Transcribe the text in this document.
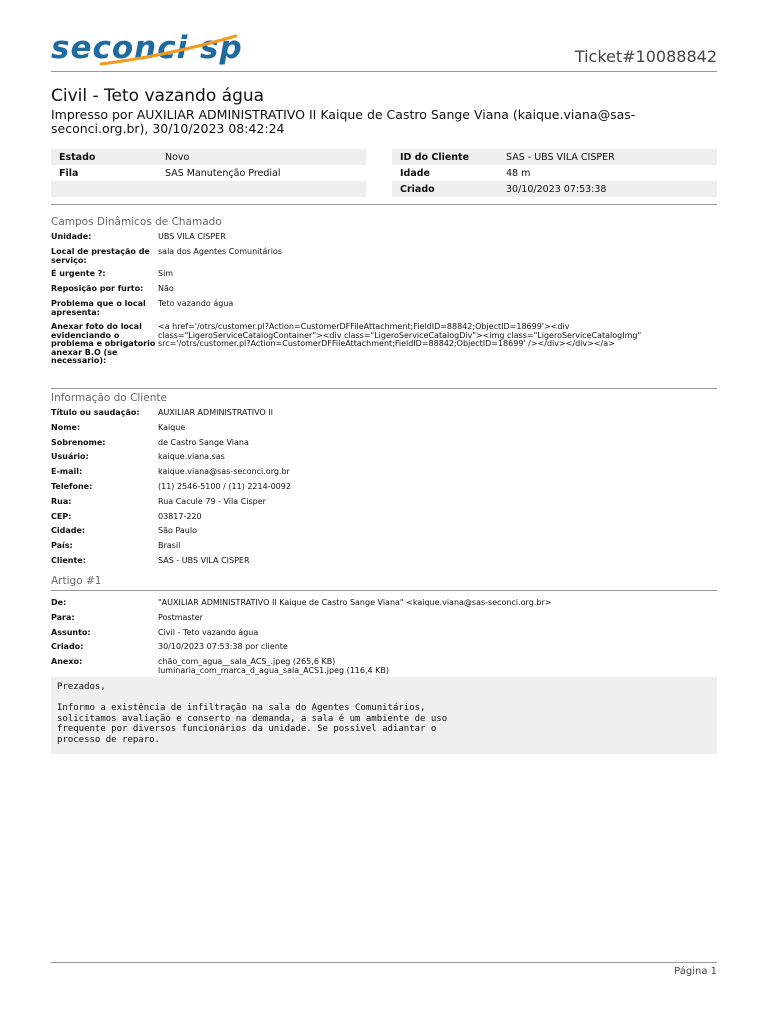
seconci sp	Ticket#10088842
Civil - Teto vazando água
Impresso por AUXILIAR ADMINISTRATIVO II Kaique de Castro Sange Viana (kaique.viana@sas-seconci.org.br), 30/10/2023 08:42:24
Estado	Novo
Fila	SAS Manutenção Predial
ID do Cliente	SAS - UBS VILA CISPER
Idade	48 m
Criado	30/10/2023 07:53:38
Campos Dinâmicos de Chamado
Unidade:	UBS VILA CISPER
Local de prestação de serviço:
sala dos Agentes Comunitários
É urgente ?:	Sim
Reposição por furto:	Não
Problema que o local apresenta:
Teto vazando água
Anexar foto do local evidenciando o problema e obrigatorio anexar B.O (se necessario):
<a href='/otrs/customer.pl?Action=CustomerDFFileAttachment;FieldID=88842;ObjectID=18699'><div class="LigeroServiceCatalogContainer"><div class="LigeroServiceCatalogDiv"><img class="LigeroServiceCatalogImg" src='/otrs/customer.pl?Action=CustomerDFFileAttachment;FieldID=88842;ObjectID=18699' /></div></div></a>
Informação do Cliente
Título ou saudação:	AUXILIAR ADMINISTRATIVO II
Nome:	Kaique
Sobrenome:	de Castro Sange Viana
Usuário:	kaique.viana.sas
E-mail:	kaique.viana@sas-seconci.org.br
Telefone:	(11) 2546-5100 / (11) 2214-0092
Rua:	Rua Cacule 79 - Vila Cisper
CEP:	03817-220
Cidade:	São Paulo
País:	Brasil
Cliente:	SAS - UBS VILA CISPER
Artigo #1
De:	"AUXILIAR ADMINISTRATIVO II Kaique de Castro Sange Viana" <kaique.viana@sas-seconci.org.br>
Para:	Postmaster
Assunto:	Civil - Teto vazando água
Criado:	30/10/2023 07:53:38 por cliente
Anexo:	chão_com_agua__sala_ACS_.jpeg (265,6 KB)
luminaria_com_marca_d_agua_sala_ACS1.jpeg (116,4 KB)
Prezados,

Informo a existência de infiltração na sala do Agentes Comunitários,
solicitamos avaliação e conserto na demanda, a sala é um ambiente de uso
frequente por diversos funcionários da unidade. Se possivel adiantar o
processo de reparo.
Página 1
